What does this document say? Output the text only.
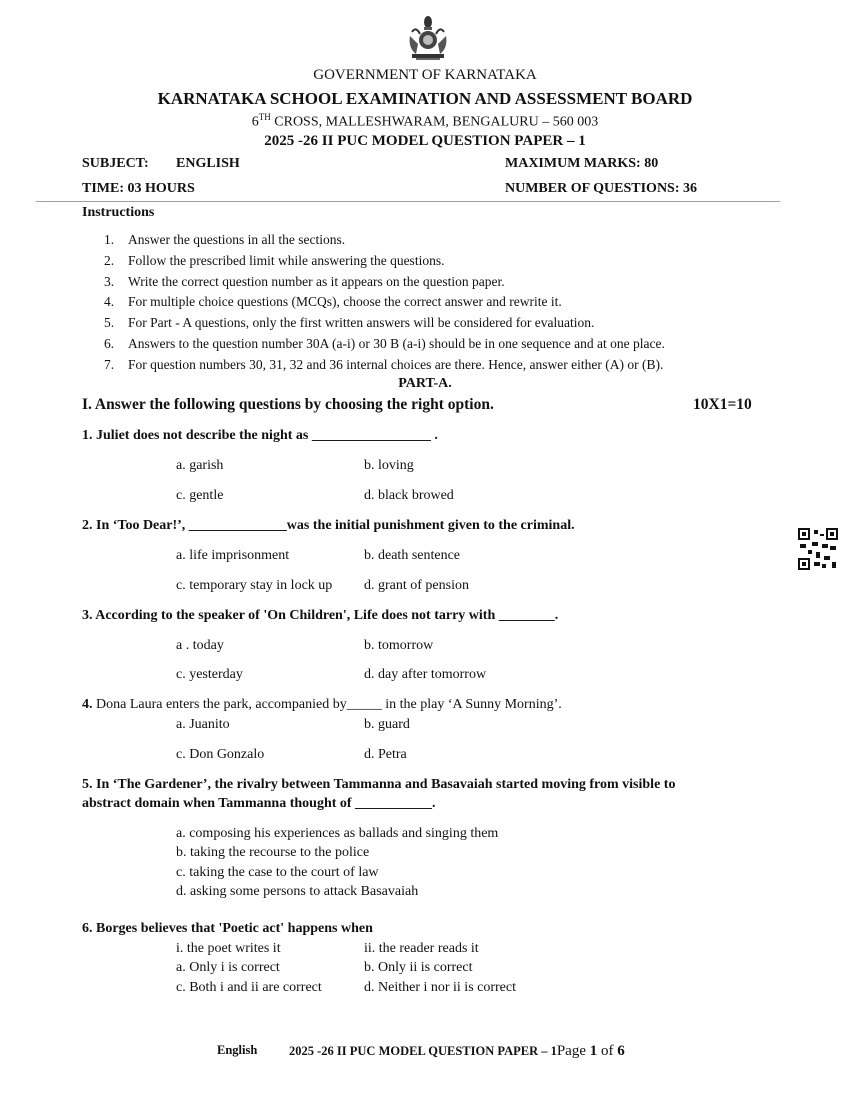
GOVERNMENT OF KARNATAKA
KARNATAKA SCHOOL EXAMINATION AND ASSESSMENT BOARD
6TH CROSS, MALLESHWARAM, BENGALURU – 560 003
2025 -26 II PUC MODEL QUESTION PAPER – 1
SUBJECT: ENGLISH	MAXIMUM MARKS: 80
TIME: 03 HOURS	NUMBER OF QUESTIONS: 36
Instructions
1. Answer the questions in all the sections.
2. Follow the prescribed limit while answering the questions.
3. Write the correct question number as it appears on the question paper.
4. For multiple choice questions (MCQs), choose the correct answer and rewrite it.
5. For Part - A questions, only the first written answers will be considered for evaluation.
6. Answers to the question number 30A (a-i) or 30 B (a-i) should be in one sequence and at one place.
7. For question numbers 30, 31, 32 and 36 internal choices are there. Hence, answer either (A) or (B).
PART-A.
I. Answer the following questions by choosing the right option.	10X1=10
1. Juliet does not describe the night as _________________ .
a. garish	b. loving
c. gentle	d. black browed
2. In ‘Too Dear!’, ______________was the initial punishment given to the criminal.
a. life imprisonment	b. death sentence
c. temporary stay in lock up d. grant of pension
3. According to the speaker of 'On Children', Life does not tarry with ________.
a . today	b. tomorrow
c. yesterday	d. day after tomorrow
4. Dona Laura enters the park, accompanied by_____ in the play ‘A Sunny Morning’.
a. Juanito	b. guard
c. Don Gonzalo	d. Petra
5. In ‘The Gardener’, the rivalry between Tammanna and Basavaiah started moving from visible to
abstract domain when Tammanna thought of ___________.
a. composing his experiences as ballads and singing them
b. taking the recourse to the police
c. taking the case to the court of law
d. asking some persons to attack Basavaiah
6. Borges believes that 'Poetic act' happens when
i. the poet writes it	ii. the reader reads it
a. Only i is correct	b. Only ii is correct
c. Both i and ii are correct	d. Neither i nor ii is correct
English	2025 -26 II PUC MODEL QUESTION PAPER – 1Page 1 of 6
